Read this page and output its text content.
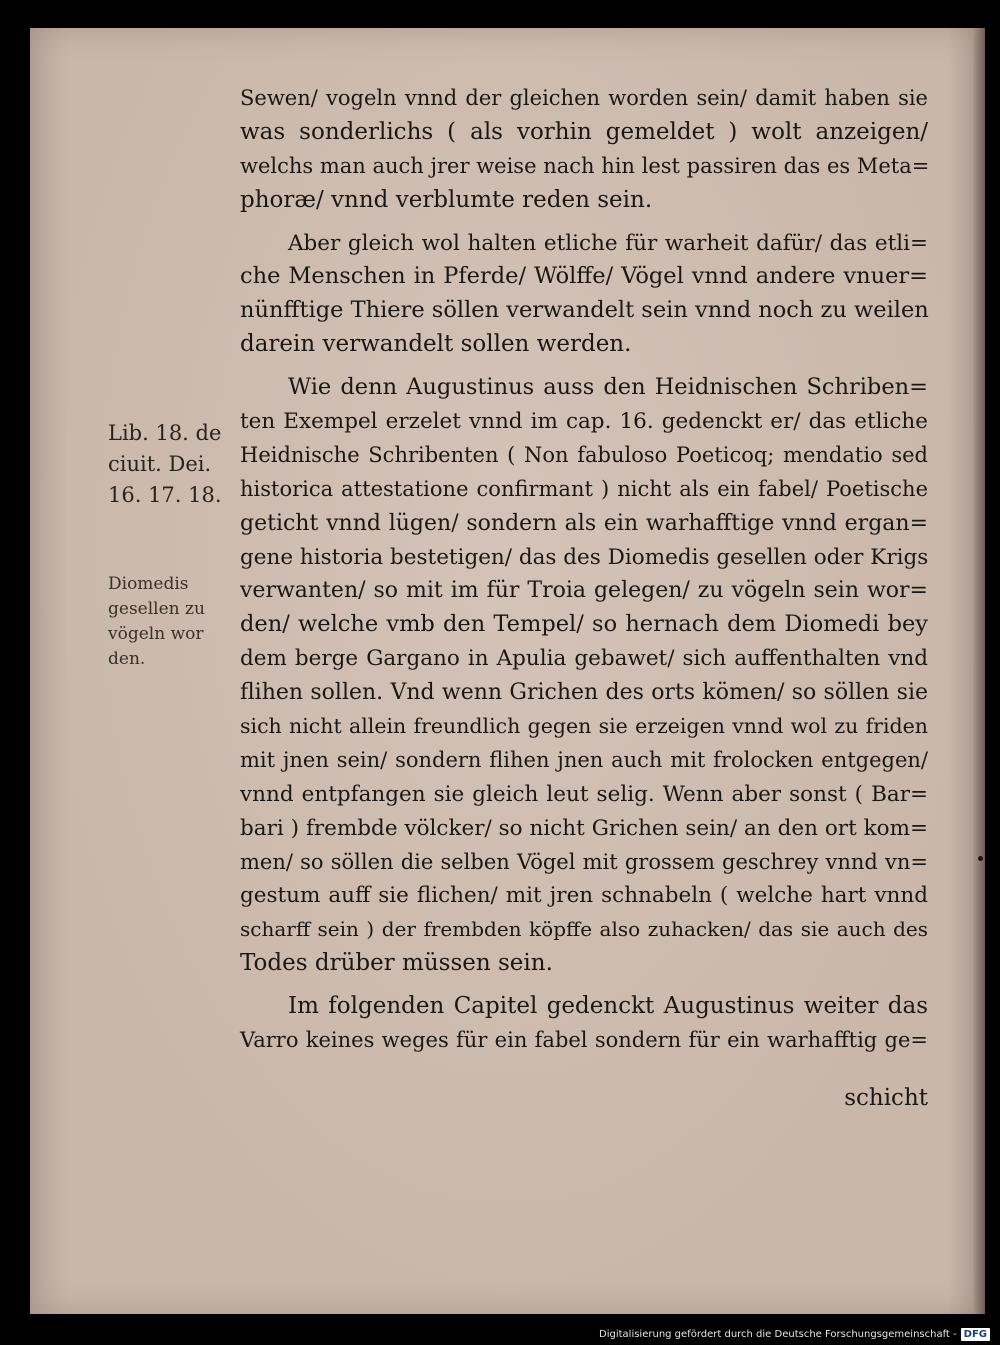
Sewen/ vogeln vnnd der gleichen worden sein/ damit haben sie
was sonderlichs ( als vorhin gemeldet ) wolt anzeigen/
welchs man auch jrer weise nach hin lest passiren das es Meta=
phoræ/ vnnd verblumte reden sein.

Aber gleich wol halten etliche für warheit dafür/ das etli=
che Menschen in Pferde/ Wölffe/ Vögel vnnd andere vnuer=
nünfftige Thiere söllen verwandelt sein vnnd noch zu weilen
darein verwandelt sollen werden.

Wie denn Augustinus auss den Heidnischen Schriben=
ten Exempel erzelet vnnd im cap. 16. gedenckt er/ das etliche
Heidnische Schribenten ( Non fabuloso Poeticoq; mendatio sed
historica attestatione confirmant ) nicht als ein fabel/ Poetische
geticht vnnd lügen/ sondern als ein warhafftige vnnd ergan=
gene historia bestetigen/ das des Diomedis gesellen oder Krigs
verwanten/ so mit im für Troia gelegen/ zu vögeln sein wor=
den/ welche vmb den Tempel/ so hernach dem Diomedi bey
dem berge Gargano in Apulia gebawet/ sich auffenthalten vnd
flihen sollen. Vnd wenn Grichen des orts kömen/ so söllen sie
sich nicht allein freundlich gegen sie erzeigen vnnd wol zu friden
mit jnen sein/ sondern flihen jnen auch mit frolocken entgegen/
vnnd entpfangen sie gleich leut selig. Wenn aber sonst ( Bar=
bari ) frembde völcker/ so nicht Grichen sein/ an den ort kom=
men/ so söllen die selben Vögel mit grossem geschrey vnnd vn=
gestum auff sie flichen/ mit jren schnabeln ( welche hart vnnd
scharff sein ) der frembden köpffe also zuhacken/ das sie auch des
Todes drüber müssen sein.

Im folgenden Capitel gedenckt Augustinus weiter das
Varro keines weges für ein fabel sondern für ein warhafftig ge=

schicht
Lib. 18. de
ciuit. Dei.
16. 17. 18.
Diomedis
gesellen zu
vögeln wor
den.
Digitalisierung gefördert durch die Deutsche Forschungsgemeinschaft - DFG
